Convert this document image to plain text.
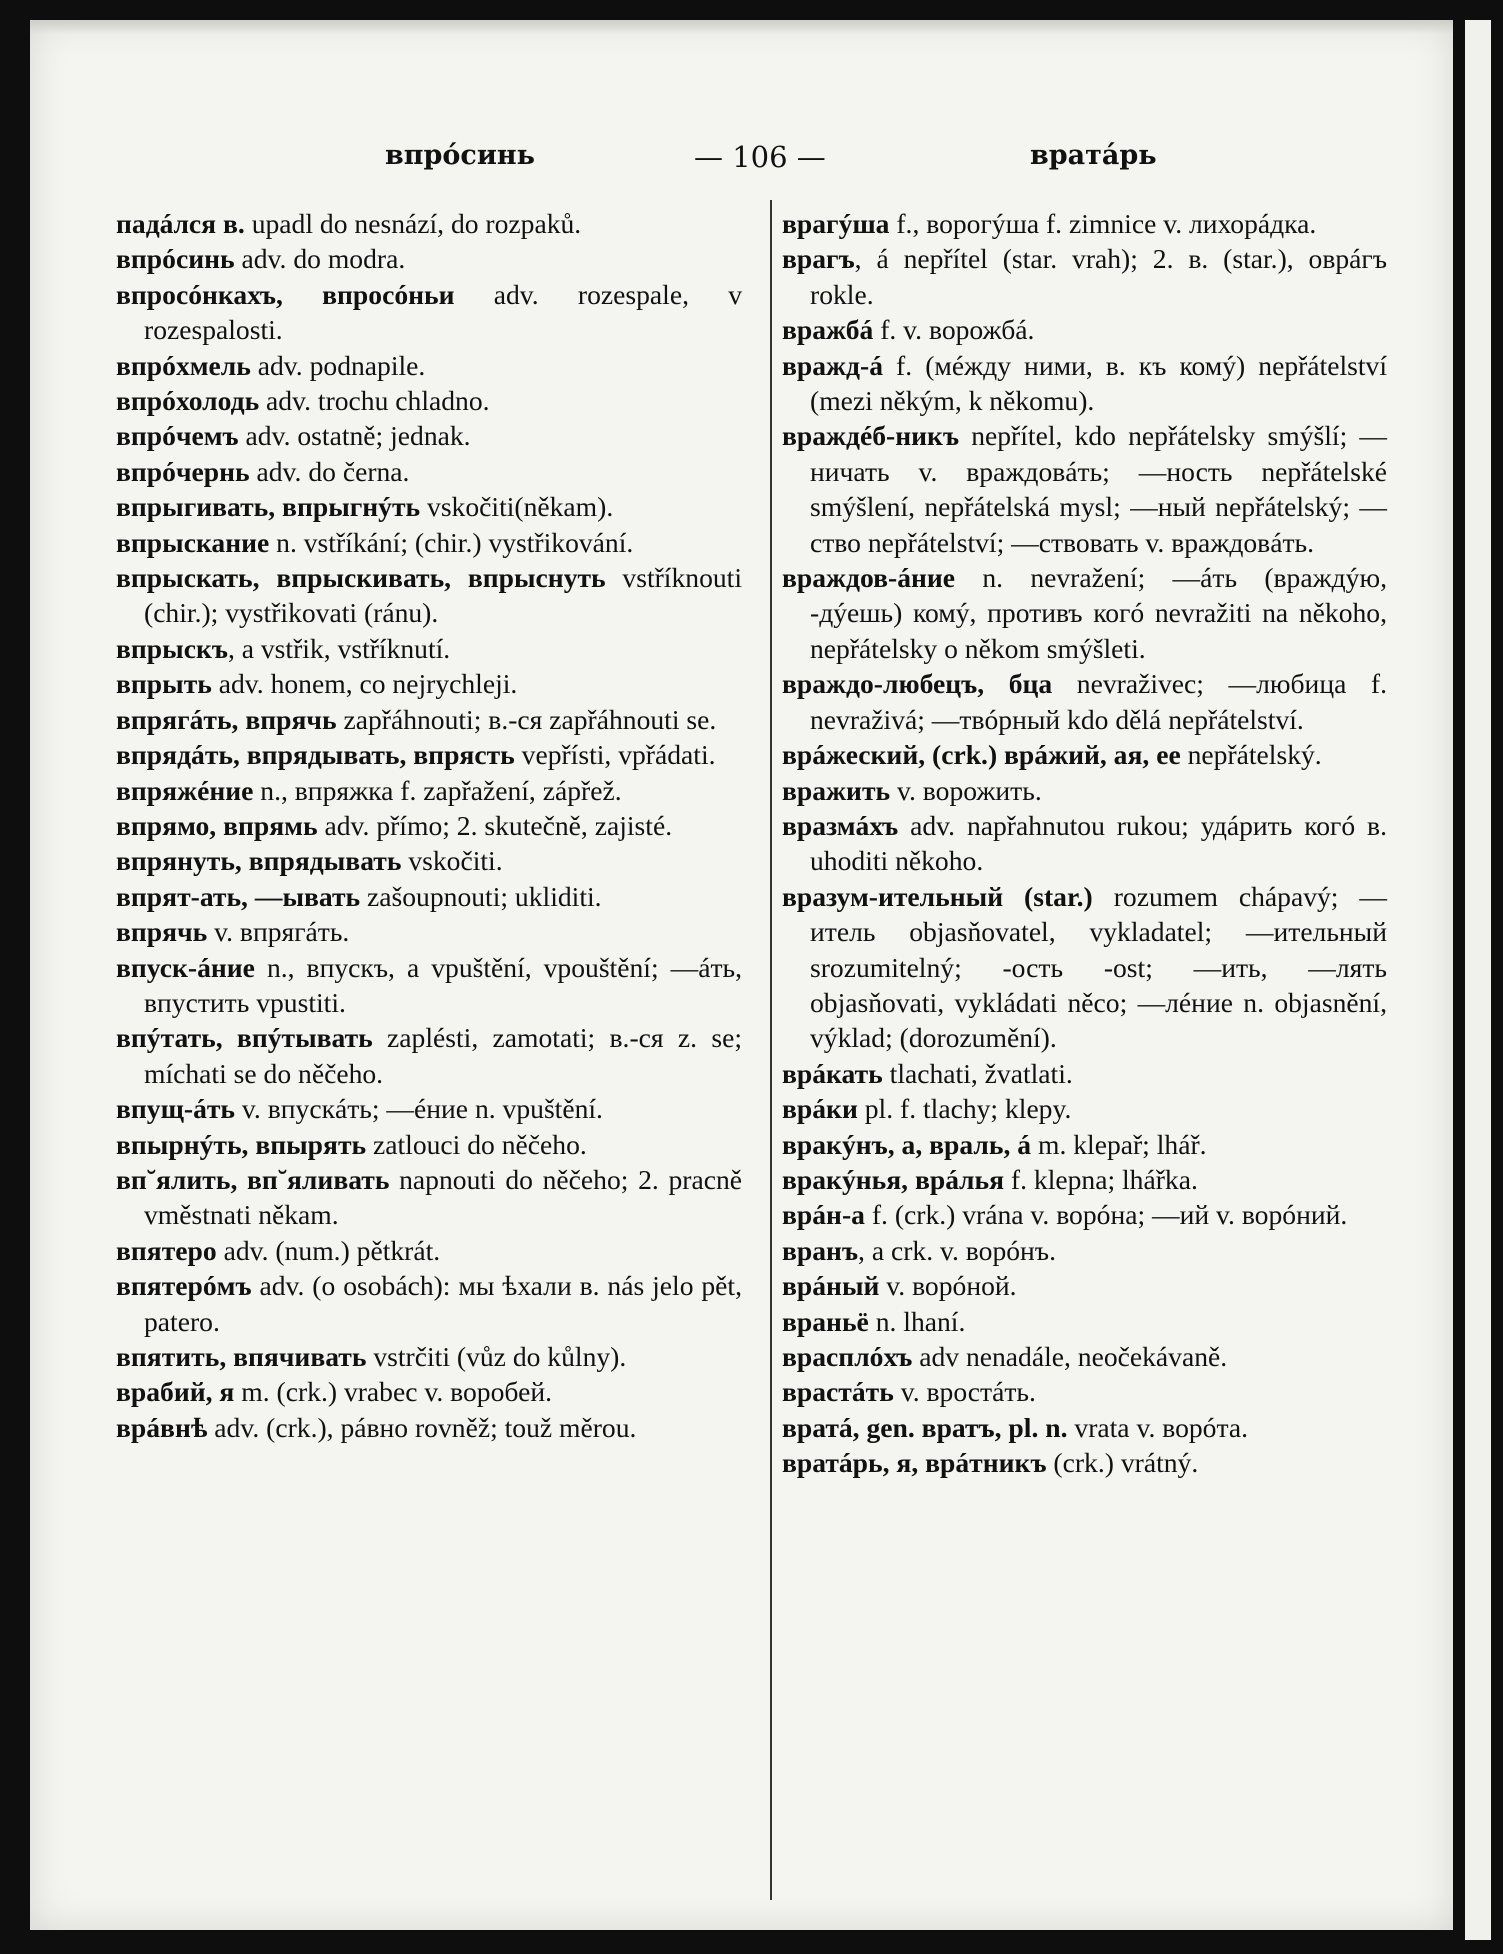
впрóсинь	— 106 —	вратáрь

падáлся в. upadl do nesnází, do rozpaků.

впрóсинь adv. do modra.

впросóнкахъ, впросóньи adv. rozespale, v rozespalosti.

впрóхмель adv. podnapile.

впрóхолодь adv. trochu chladno.

впрóчемъ adv. ostatně; jednak.

впрóчернь adv. do černa.

впрыгивать, впрыгнýть vskočiti(někam).

впрыскание n. vstříkání; (chir.) vystřikování.

впрыскать, впрыскивать, впрыснуть vstříknouti (chir.); vystřikovati (ránu).

впрыскъ, a vstřik, vstříknutí.

впрыть adv. honem, co nejrychleji.

впрягáть, впрячь zapřáhnouti; в.-ся zapřáhnouti se.

впрядáть, впрядывать, впрясть vepřísti, vpřádati.

впряжéние n., впряжка f. zapřažení, zápřež.

впрямо, впрямь adv. přímo; 2. skutečně, zajisté.

впрянуть, впрядывать vskočiti.

впрят-ать, —ывать zašoupnouti; ukliditi.

впрячь v. впрягáть.

впуск-áние n., впускъ, a vpuštění, vpouštění; —áть, впустить vpustiti.

впýтать, впýтывать zaplésti, zamotati; в.-ся z. se; míchati se do něčeho.

впущ-áть v. впускáть; —éние n. vpuštění.

впырнýть, впырять zatlouci do něčeho.

вп˘ялить, вп˘яливать napnouti do něčeho; 2. pracně vměstnati někam.

впятеро adv. (num.) pětkrát.

впятерóмъ adv. (o osobách): мы ѣхали в. nás jelo pět, patero.

впятить, впячивать vstrčiti (vůz do kůlny).

врабий, я m. (crk.) vrabec v. воробей.

врáвнѣ adv. (crk.), рáвно rovněž; touž měrou.

врагýша f., ворогýша f. zimnice v. лихорáдка.

врагъ, á nepřítel (star. vrah); 2. в. (star.), оврáгъ rokle.

вражбá f. v. ворожбá.

вражд-á f. (мéжду ними, в. къ комý) nepřátelství (mezi někým, k někomu).

враждéб-никъ nepřítel, kdo nepřátelsky smýšlí; —ничать v. враждовáть; —ность nepřátelské smýšlení, nepřátelská mysl; —ный nepřátelský; —ство nepřátelství; —ствовать v. враждовáть.

враждов-áние n. nevražení; —áть (враждýю, -дýешь) комý, противъ когó nevražiti na někoho, nepřátelsky o někom smýšleti.

враждо-любецъ, бца nevraživec; —любица f. nevraživá; —твóрный kdo dělá nepřátelství.

врáжеский, (crk.) врáжий, ая, ее nepřátelský.

вражить v. ворожить.

вразмáхъ adv. napřahnutou rukou; удáрить когó в. uhoditi někoho.

вразум-ительный (star.) rozumem chápavý; —итель objasňovatel, vykladatel; —ительный srozumitelný; -ость -ost; —ить, —лять objasňovati, vykládati něco; —лéние n. objasnění, výklad; (dorozumění).

врáкать tlachati, žvatlati.

врáки pl. f. tlachy; klepy.

вракýнъ, а, враль, á m. klepař; lhář.

вракýнья, врáлья f. klepna; lhářka.

врáн-а f. (crk.) vrána v. ворóна; —ий v. ворóний.

вранъ, a crk. v. ворóнъ.

врáный v. ворóной.

враньё n. lhaní.

врасплóхъ adv nenadále, neočekávaně.

врастáть v. вростáть.

вратá, gen. вратъ, pl. n. vrata v. ворóта.

вратáрь, я, врáтникъ (crk.) vrátný.
